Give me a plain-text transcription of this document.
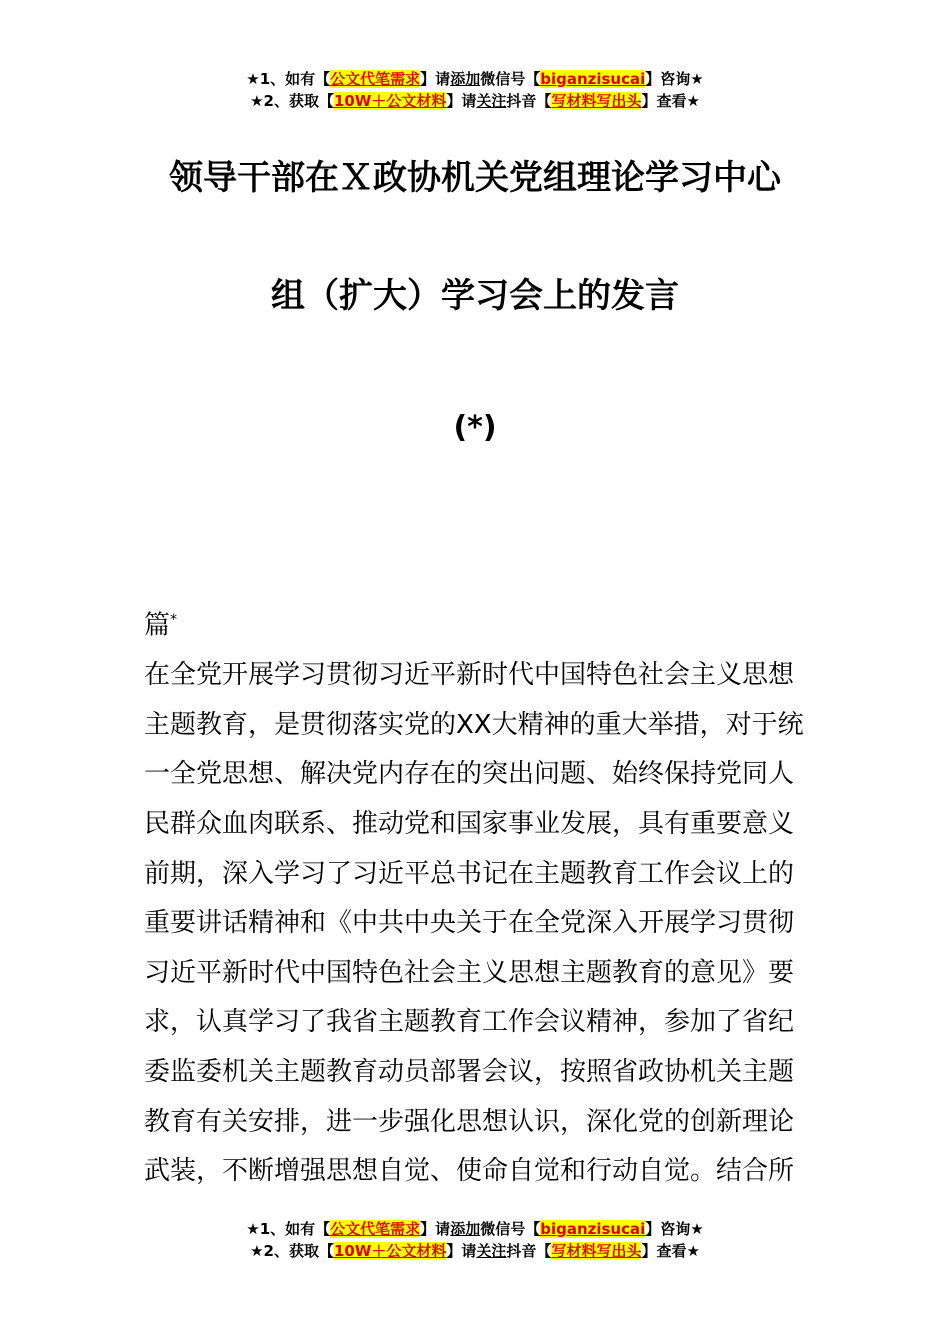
★1、如有【公文代笔需求】请添加微信号【biganzisucai】咨询★
★2、获取【10W＋公文材料】请关注抖音【写材料写出头】查看★
领导干部在Ｘ政协机关党组理论学习中心
组（扩大）学习会上的发言
(*)
篇*
在全党开展学习贯彻习近平新时代中国特色社会主义思想
主题教育，是贯彻落实党的XX大精神的重大举措，对于统
一全党思想、解决党内存在的突出问题、始终保持党同人
民群众血肉联系、推动党和国家事业发展，具有重要意义
前期，深入学习了习近平总书记在主题教育工作会议上的
重要讲话精神和《中共中央关于在全党深入开展学习贯彻
习近平新时代中国特色社会主义思想主题教育的意见》要
求，认真学习了我省主题教育工作会议精神，参加了省纪
委监委机关主题教育动员部署会议，按照省政协机关主题
教育有关安排，进一步强化思想认识，深化党的创新理论
武装，不断增强思想自觉、使命自觉和行动自觉。结合所
★1、如有【公文代笔需求】请添加微信号【biganzisucai】咨询★
★2、获取【10W＋公文材料】请关注抖音【写材料写出头】查看★
